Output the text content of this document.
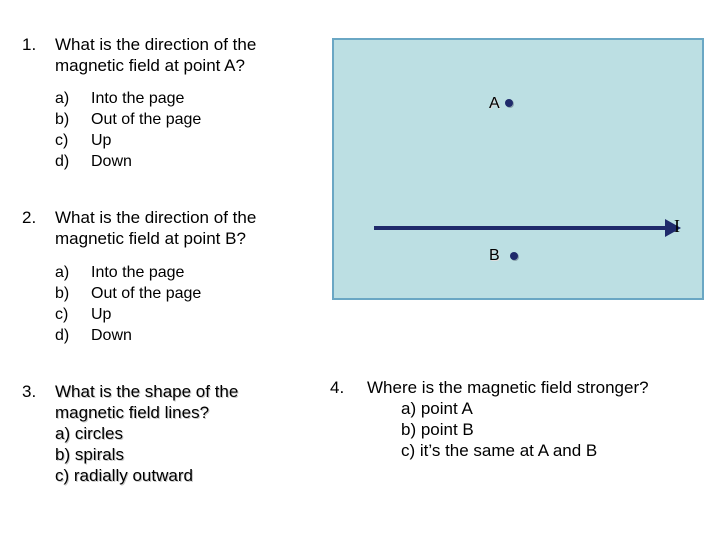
1. What is the direction of the
magnetic field at point A?
a) Into the page
b) Out of the page
c) Up
d) Down
2. What is the direction of the
magnetic field at point B?
a) Into the page
b) Out of the page
c) Up
d) Down
3. What is the shape of the
magnetic field lines?
a) circles
b) spirals
c) radially outward
A
I
B
4. Where is the magnetic field stronger?
a) point A
b) point B
c) it’s the same at A and B
